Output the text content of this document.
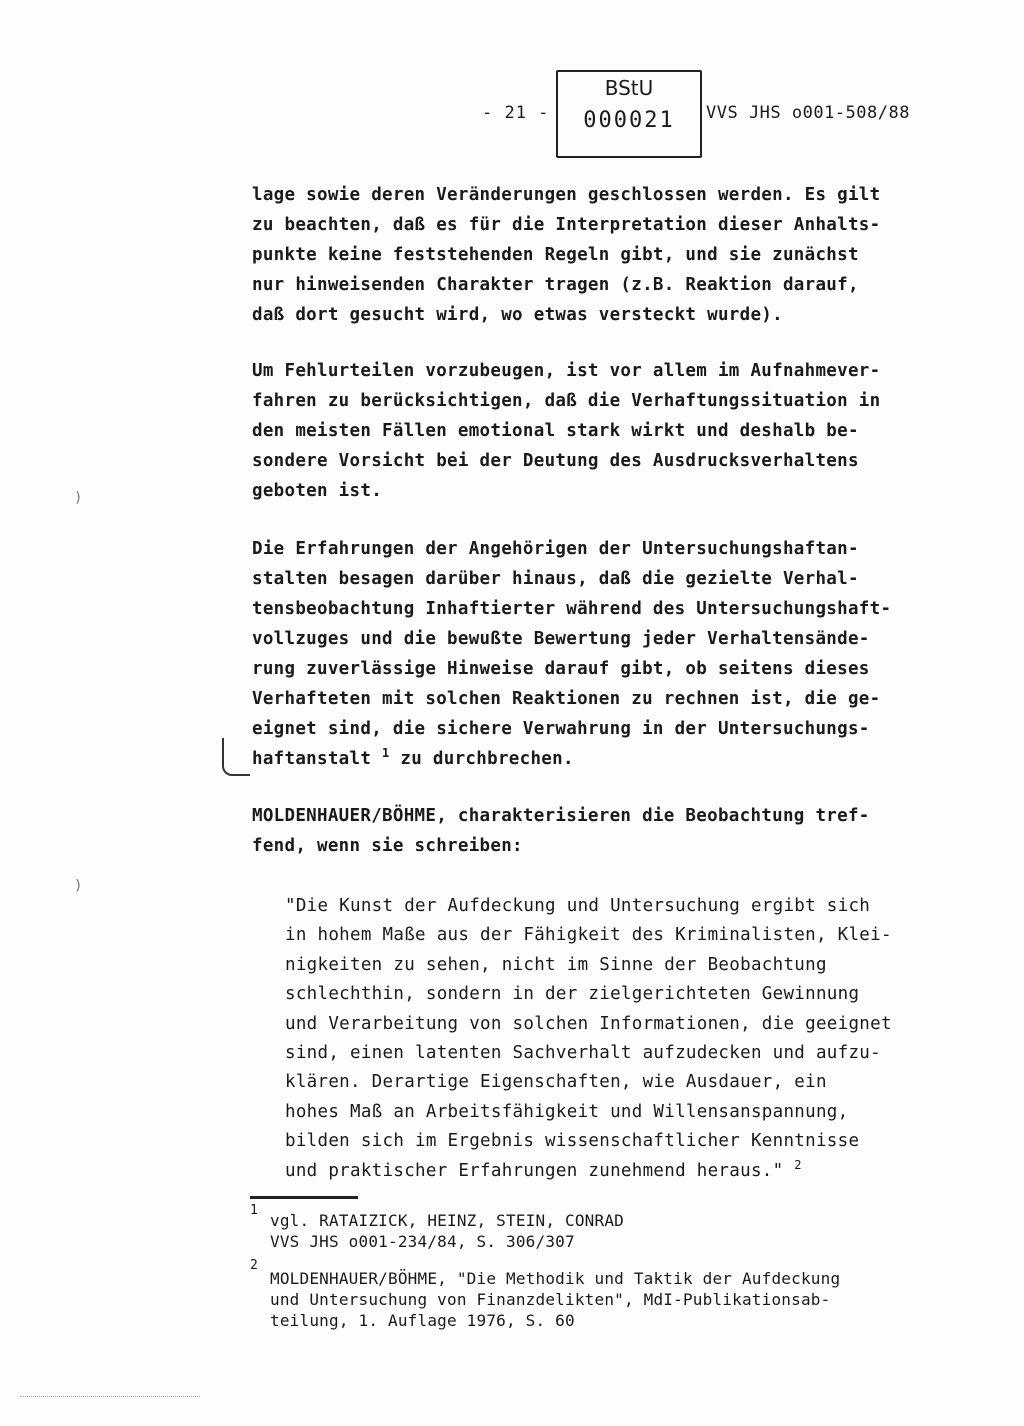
- 21 -
BStU
000021	VVS JHS o001-508/88
lage sowie deren Veränderungen geschlossen werden. Es gilt
zu beachten, daß es für die Interpretation dieser Anhalts-
punkte keine feststehenden Regeln gibt, und sie zunächst
nur hinweisenden Charakter tragen (z.B. Reaktion darauf,
daß dort gesucht wird, wo etwas versteckt wurde).
Um Fehlurteilen vorzubeugen, ist vor allem im Aufnahmever-
fahren zu berücksichtigen, daß die Verhaftungssituation in
den meisten Fällen emotional stark wirkt und deshalb be-
sondere Vorsicht bei der Deutung des Ausdrucksverhaltens
geboten ist.
Die Erfahrungen der Angehörigen der Untersuchungshaftan-
stalten besagen darüber hinaus, daß die gezielte Verhal-
tensbeobachtung Inhaftierter während des Untersuchungshaft-
vollzuges und die bewußte Bewertung jeder Verhaltensände-
rung zuverlässige Hinweise darauf gibt, ob seitens dieses
Verhafteten mit solchen Reaktionen zu rechnen ist, die ge-
eignet sind, die sichere Verwahrung in der Untersuchungs-
haftanstalt $^1$ zu durchbrechen.
MOLDENHAUER/BÖHME, charakterisieren die Beobachtung tref-
fend, wenn sie schreiben:
"Die Kunst der Aufdeckung und Untersuchung ergibt sich
in hohem Maße aus der Fähigkeit des Kriminalisten, Klei-
nigkeiten zu sehen, nicht im Sinne der Beobachtung
schlechthin, sondern in der zielgerichteten Gewinnung
und Verarbeitung von solchen Informationen, die geeignet
sind, einen latenten Sachverhalt aufzudecken und aufzu-
klären. Derartige Eigenschaften, wie Ausdauer, ein
hohes Maß an Arbeitsfähigkeit und Willensanspannung,
bilden sich im Ergebnis wissenschaftlicher Kenntnisse
und praktischer Erfahrungen zunehmend heraus." $^2$
1
vgl. RATAIZICK, HEINZ, STEIN, CONRAD
VVS JHS o001-234/84, S. 306/307
2
MOLDENHAUER/BÖHME, "Die Methodik und Taktik der Aufdeckung
und Untersuchung von Finanzdelikten", MdI-Publikationsab-
teilung, 1. Auflage 1976, S. 60
)
)
